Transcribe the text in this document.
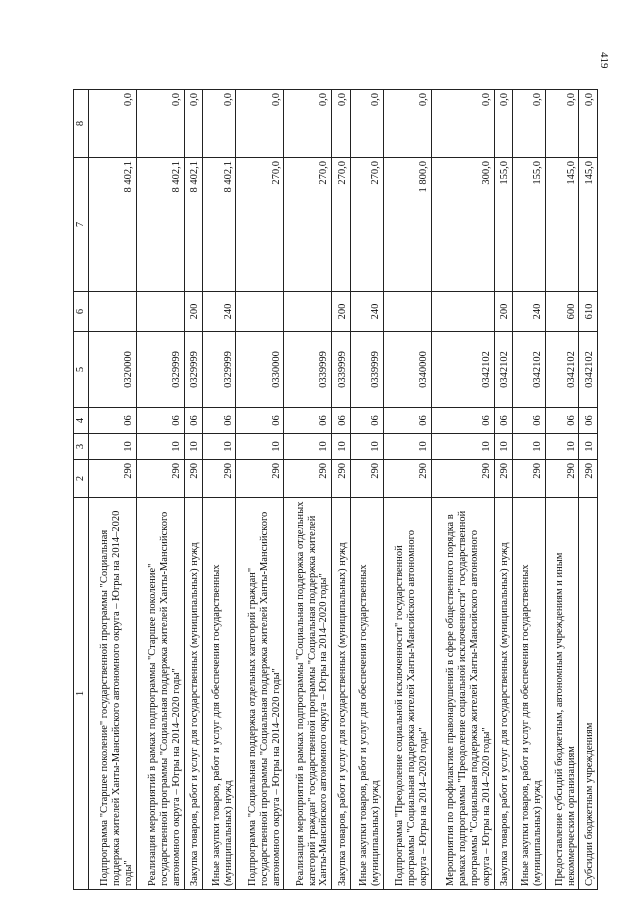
419
1	2	3	4	5	6	7	8
Подпрограмма "Старшее поколение" государственной программы "Социальная поддержка жителей Ханты-Мансийского автономного округа – Югры на 2014–2020 годы"	290	10	06	0320000		8 402,1	0,0
Реализация мероприятий в рамках подпрограммы "Старшее поколение" государственной программы "Социальная поддержка жителей Ханты-Мансийского автономного округа – Югры на 2014–2020 годы"	290	10	06	0329999		8 402,1	0,0
Закупка товаров, работ и услуг для государственных (муниципальных) нужд	290	10	06	0329999	200	8 402,1	0,0
Иные закупки товаров, работ и услуг для обеспечения государственных (муниципальных) нужд	290	10	06	0329999	240	8 402,1	0,0
Подпрограмма "Социальная поддержка отдельных категорий граждан" государственной программы "Социальная поддержка жителей Ханты-Мансийского автономного округа – Югры на 2014–2020 годы"	290	10	06	0330000		270,0	0,0
Реализация мероприятий в рамках подпрограммы "Социальная поддержка отдельных категорий граждан" государственной программы "Социальная поддержка жителей Ханты-Мансийского автономного округа – Югры на 2014–2020 годы"	290	10	06	0339999		270,0	0,0
Закупка товаров, работ и услуг для государственных (муниципальных) нужд	290	10	06	0339999	200	270,0	0,0
Иные закупки товаров, работ и услуг для обеспечения государственных (муниципальных) нужд	290	10	06	0339999	240	270,0	0,0
Подпрограмма "Преодоление социальной исключенности" государственной программы "Социальная поддержка жителей Ханты-Мансийского автономного округа – Югры на 2014–2020 годы"	290	10	06	0340000		1 800,0	0,0
Мероприятия по профилактике правонарушений в сфере общественного порядка в рамках подпрограммы "Преодоление социальной исключенности" государственной программы "Социальная поддержка жителей Ханты-Мансийского автономного округа – Югры на 2014–2020 годы"	290	10	06	0342102		300,0	0,0
Закупка товаров, работ и услуг для государственных (муниципальных) нужд	290	10	06	0342102	200	155,0	0,0
Иные закупки товаров, работ и услуг для обеспечения государственных (муниципальных) нужд	290	10	06	0342102	240	155,0	0,0
Предоставление субсидий бюджетным, автономным учреждениям и иным некоммерческим организациям	290	10	06	0342102	600	145,0	0,0
Субсидии бюджетным учреждениям	290	10	06	0342102	610	145,0	0,0
